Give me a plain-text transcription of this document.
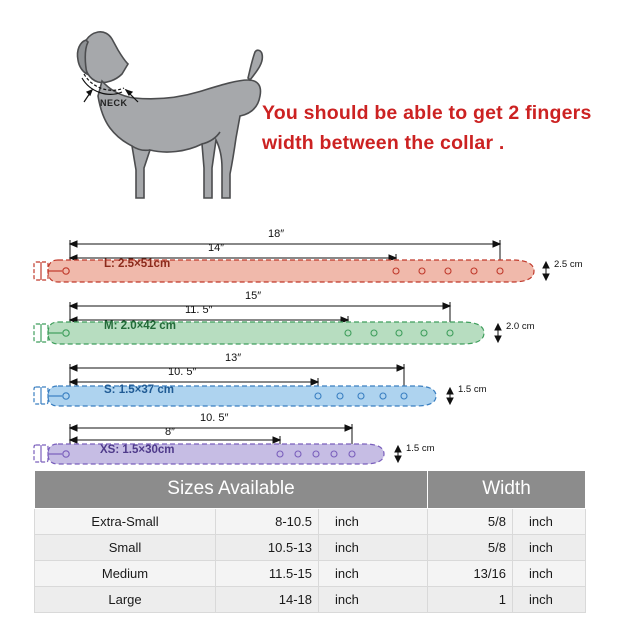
NECK	You should be able to get 2 fingers
width between the collar .
18″
14″
L: 2.5×51cm	2.5 cm
15″
11. 5″
M: 2.0×42 cm	2.0 cm
13″
10. 5″
S: 1.5×37 cm	1.5 cm
10. 5″
8″
XS: 1.5×30cm	1.5 cm
Sizes Available			Width	
Extra-Small	8-10.5	inch	5/8	inch
Small	10.5-13	inch	5/8	inch
Medium	11.5-15	inch	13/16	inch
Large	14-18	inch	1	inch
